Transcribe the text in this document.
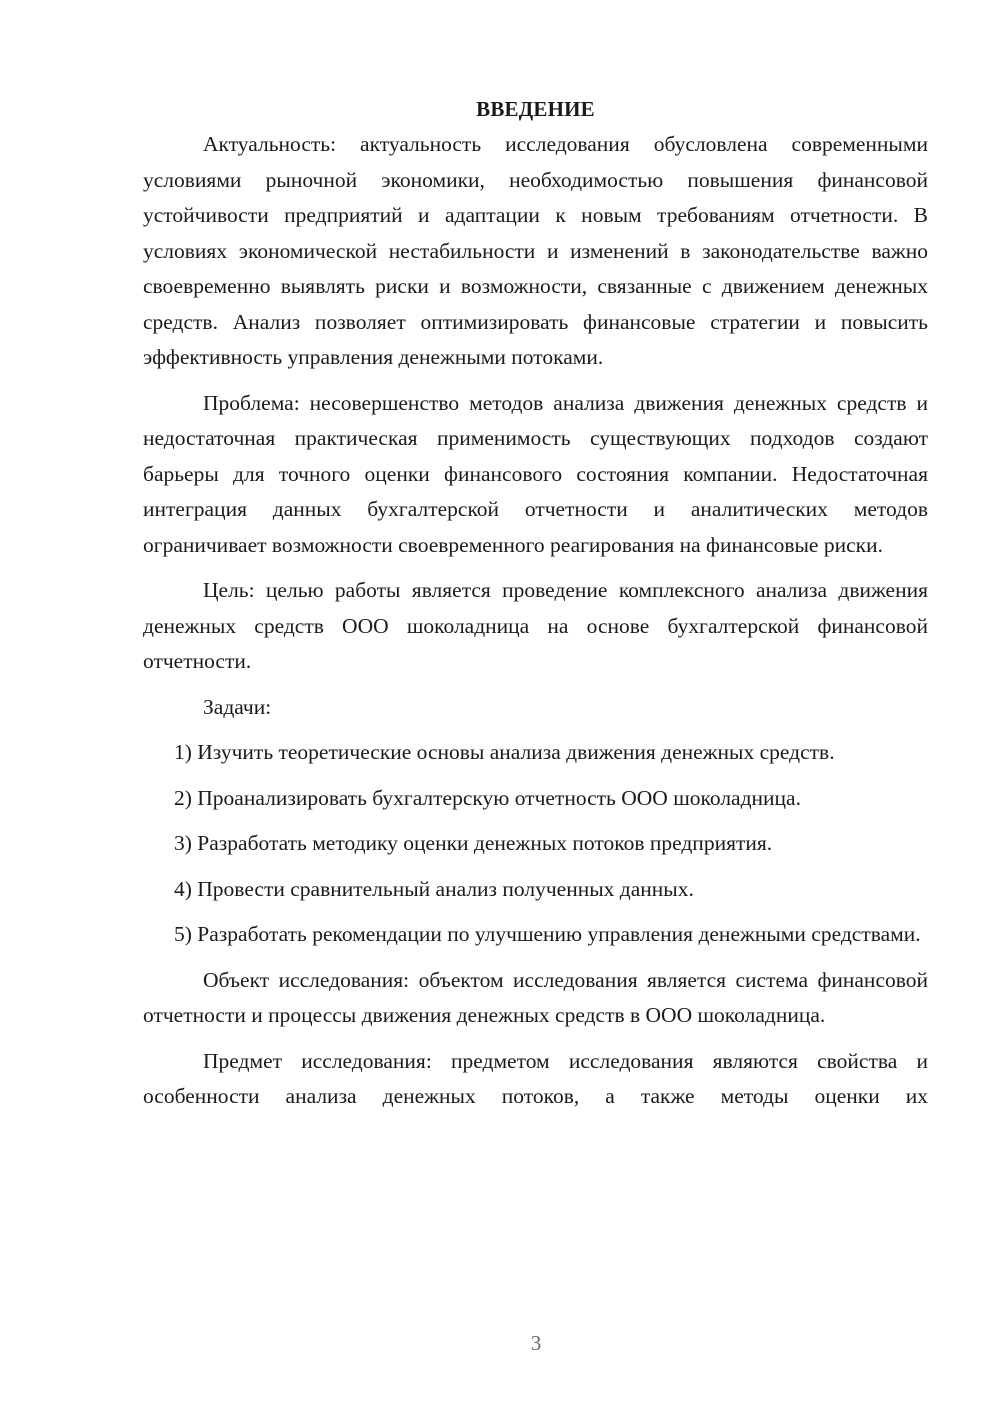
ВВЕДЕНИЕ

Актуальность: актуальность исследования обусловлена современными условиями рыночной экономики, необходимостью повышения финансовой устойчивости предприятий и адаптации к новым требованиям отчетности. В условиях экономической нестабильности и изменений в законодательстве важно своевременно выявлять риски и возможности, связанные с движением денежных средств. Анализ позволяет оптимизировать финансовые стратегии и повысить эффективность управления денежными потоками.

Проблема: несовершенство методов анализа движения денежных средств и недостаточная практическая применимость существующих подходов создают барьеры для точного оценки финансового состояния компании. Недостаточная интеграция данных бухгалтерской отчетности и аналитических методов ограничивает возможности своевременного реагирования на финансовые риски.

Цель: целью работы является проведение комплексного анализа движения денежных средств ООО шоколадница на основе бухгалтерской финансовой отчетности.

Задачи:

1) Изучить теоретические основы анализа движения денежных средств.

2) Проанализировать бухгалтерскую отчетность ООО шоколадница.

3) Разработать методику оценки денежных потоков предприятия.

4) Провести сравнительный анализ полученных данных.

5) Разработать рекомендации по улучшению управления денежными средствами.

Объект исследования: объектом исследования является система финансовой отчетности и процессы движения денежных средств в ООО шоколадница.

Предмет исследования: предметом исследования являются свойства и особенности анализа денежных потоков, а также методы оценки их

3
